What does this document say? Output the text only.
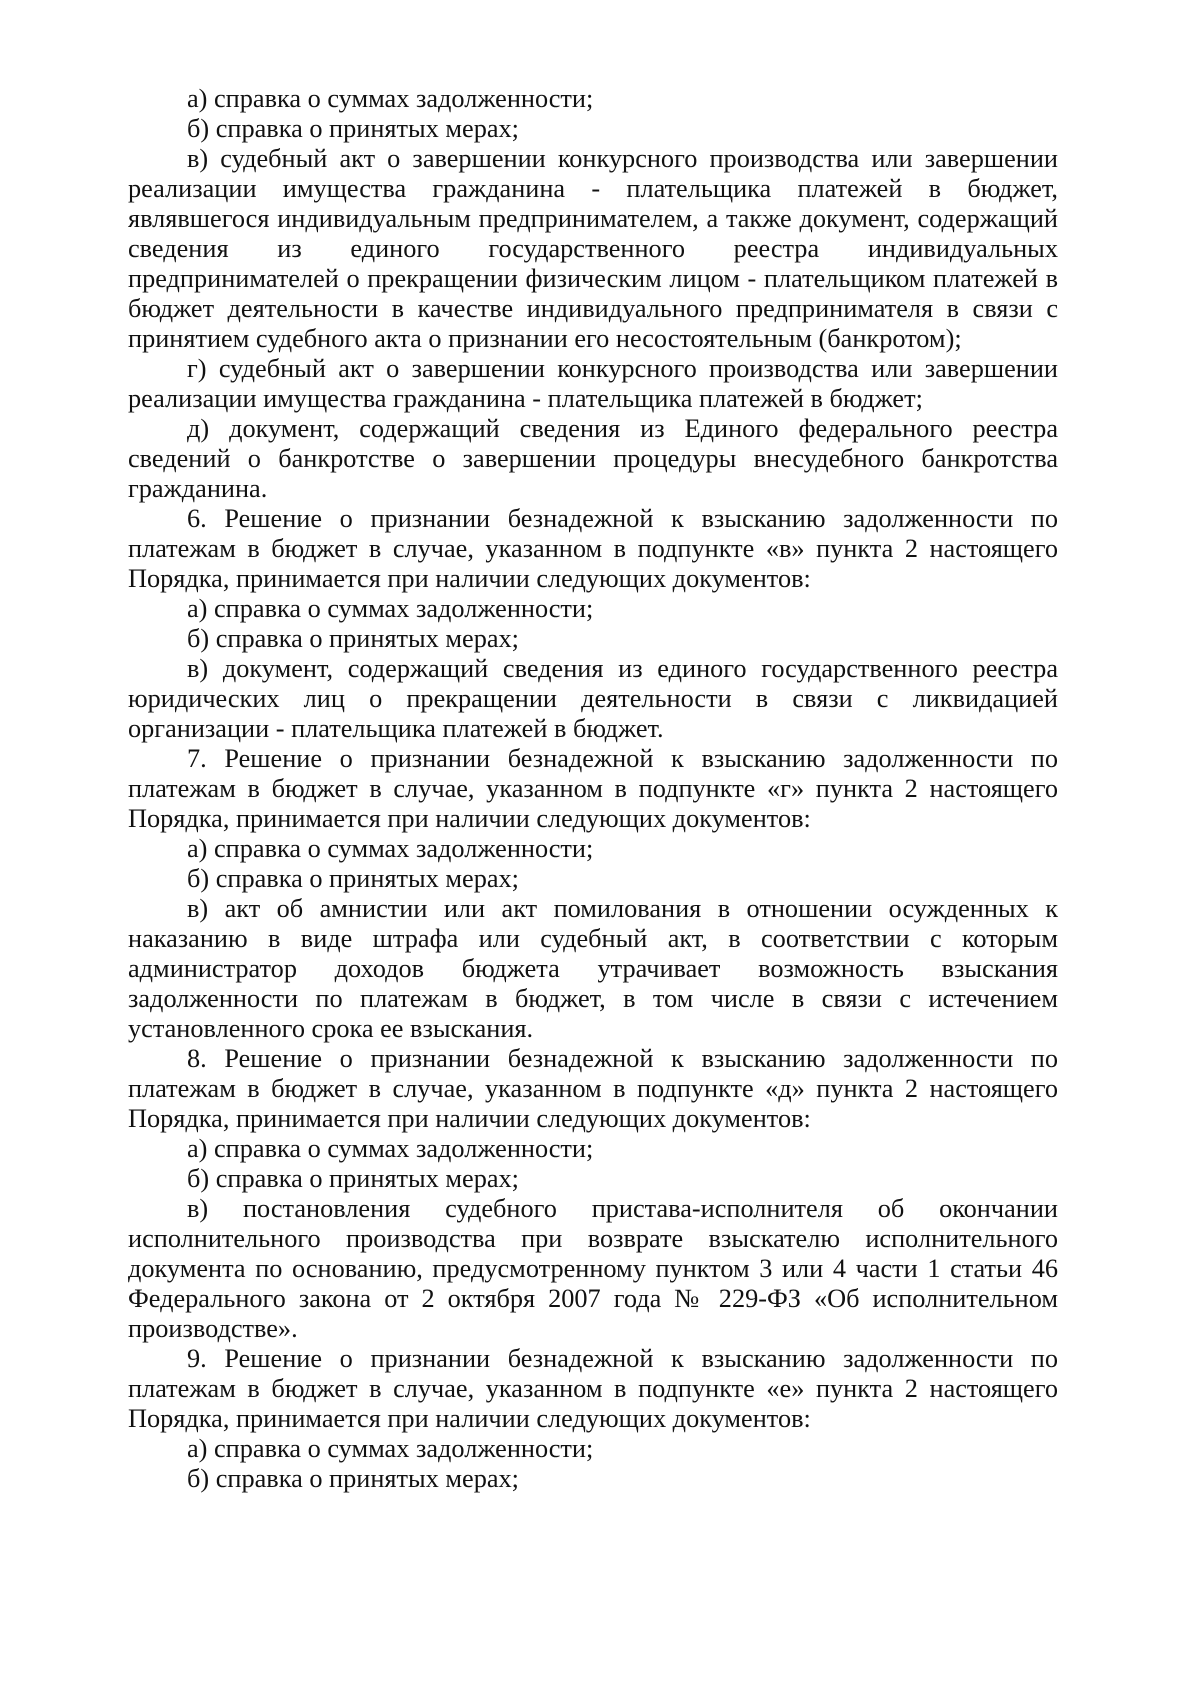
а) справка о суммах задолженности;

б) справка о принятых мерах;

в) судебный акт о завершении конкурсного производства или завершении реализации имущества гражданина - плательщика платежей в бюджет, являвшегося индивидуальным предпринимателем, а также документ, содержащий сведения из единого государственного реестра индивидуальных предпринимателей о прекращении физическим лицом - плательщиком платежей в бюджет деятельности в качестве индивидуального предпринимателя в связи с принятием судебного акта о признании его несостоятельным (банкротом);

г) судебный акт о завершении конкурсного производства или завершении реализации имущества гражданина - плательщика платежей в бюджет;

д) документ, содержащий сведения из Единого федерального реестра сведений о банкротстве о завершении процедуры внесудебного банкротства гражданина.

6. Решение о признании безнадежной к взысканию задолженности по платежам в бюджет в случае, указанном в подпункте «в» пункта 2 настоящего Порядка, принимается при наличии следующих документов:

а) справка о суммах задолженности;

б) справка о принятых мерах;

в) документ, содержащий сведения из единого государственного реестра юридических лиц о прекращении деятельности в связи с ликвидацией организации - плательщика платежей в бюджет.

7. Решение о признании безнадежной к взысканию задолженности по платежам в бюджет в случае, указанном в подпункте «г» пункта 2 настоящего Порядка, принимается при наличии следующих документов:

а) справка о суммах задолженности;

б) справка о принятых мерах;

в) акт об амнистии или акт помилования в отношении осужденных к наказанию в виде штрафа или судебный акт, в соответствии с которым администратор доходов бюджета утрачивает возможность взыскания задолженности по платежам в бюджет, в том числе в связи с истечением установленного срока ее взыскания.

8. Решение о признании безнадежной к взысканию задолженности по платежам в бюджет в случае, указанном в подпункте «д» пункта 2 настоящего Порядка, принимается при наличии следующих документов:

а) справка о суммах задолженности;

б) справка о принятых мерах;

в) постановления судебного пристава-исполнителя об окончании исполнительного производства при возврате взыскателю исполнительного документа по основанию, предусмотренному пунктом 3 или 4 части 1 статьи 46 Федерального закона от 2 октября 2007 года № 229-ФЗ «Об исполнительном производстве».

9. Решение о признании безнадежной к взысканию задолженности по платежам в бюджет в случае, указанном в подпункте «е» пункта 2 настоящего Порядка, принимается при наличии следующих документов:

а) справка о суммах задолженности;

б) справка о принятых мерах;
